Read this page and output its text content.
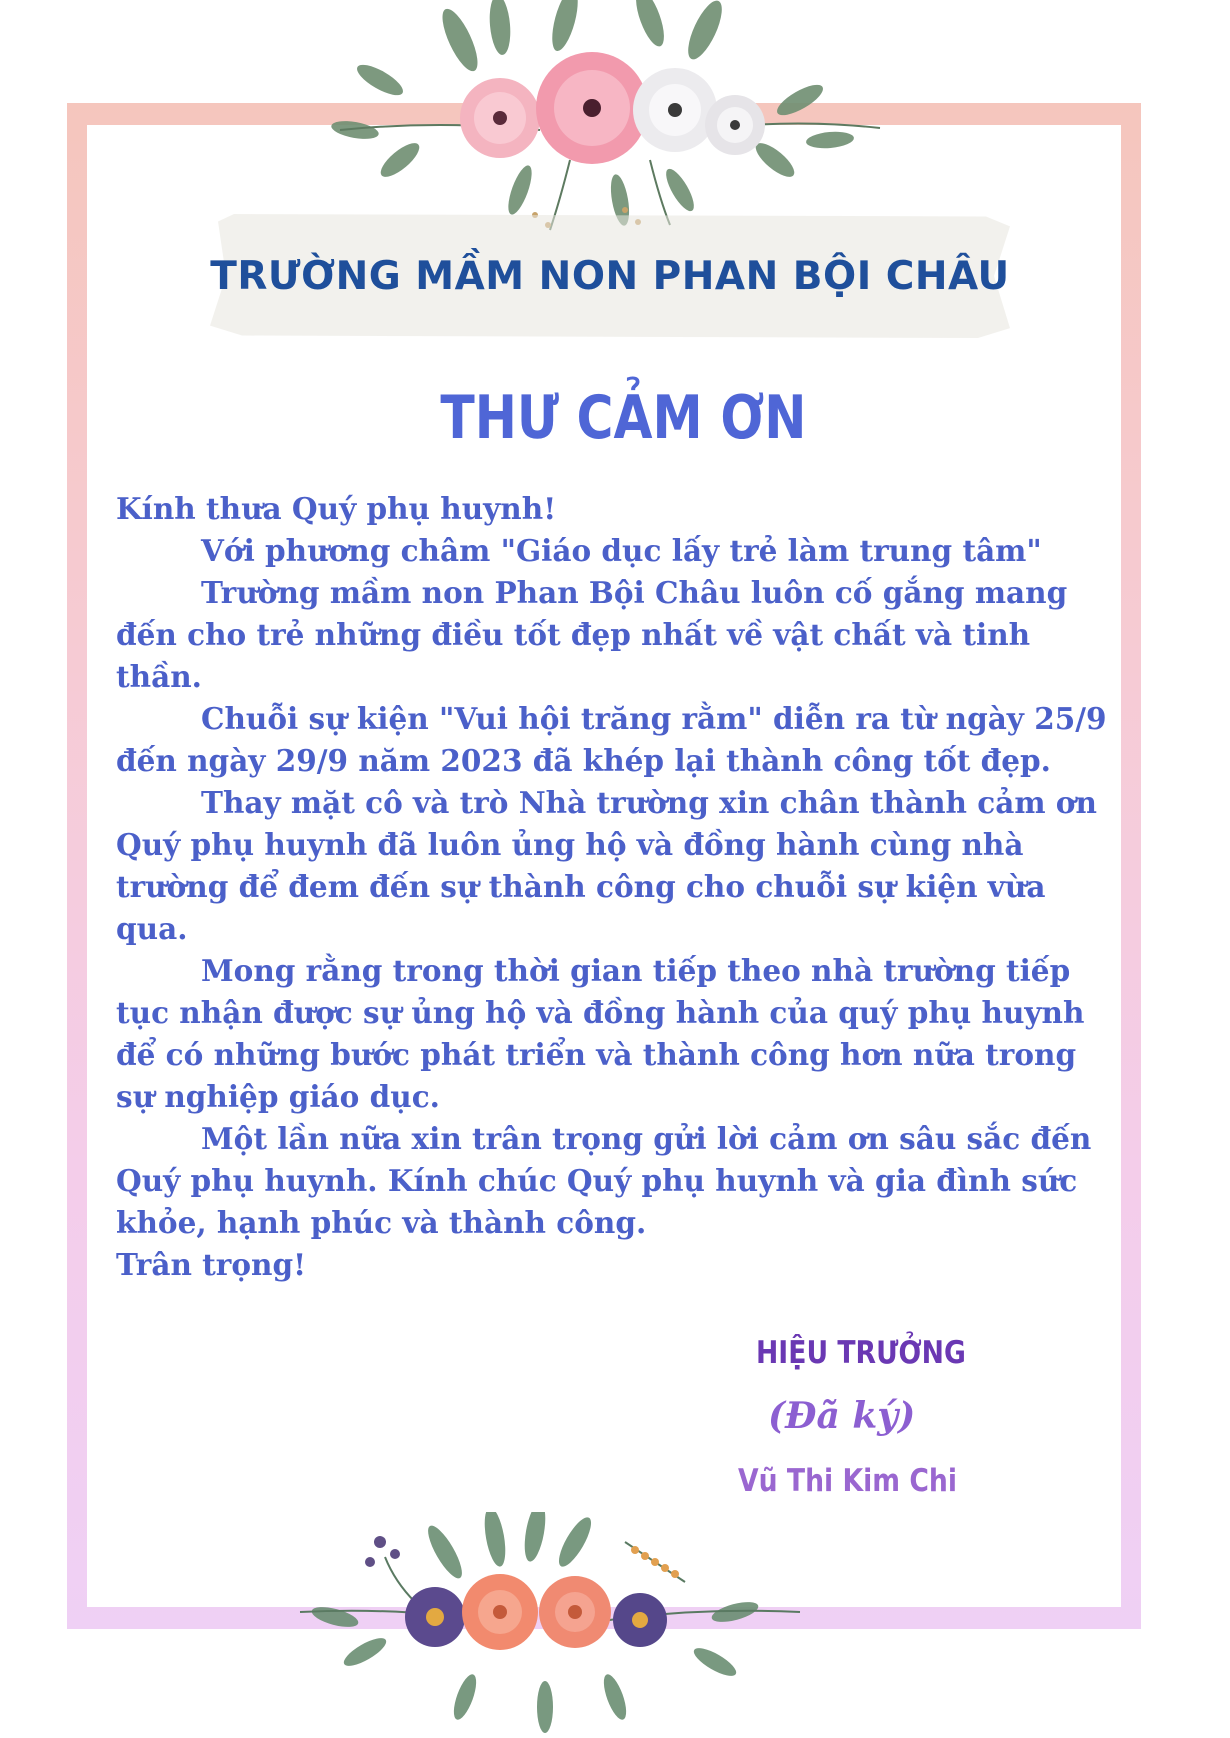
TRƯỜNG MẦM NON PHAN BỘI CHÂU
THƯ CẢM ƠN

Kính thưa Quý phụ huynh!

Với phương châm "Giáo dục lấy trẻ làm trung tâm"

Trường mầm non Phan Bội Châu luôn cố gắng mang đến cho trẻ những điều tốt đẹp nhất về vật chất và tinh thần.

Chuỗi sự kiện "Vui hội trăng rằm" diễn ra từ ngày 25/9 đến ngày 29/9 năm 2023 đã khép lại thành công tốt đẹp.

Thay mặt cô và trò Nhà trường xin chân thành cảm ơn Quý phụ huynh đã luôn ủng hộ và đồng hành cùng nhà trường để đem đến sự thành công cho chuỗi sự kiện vừa qua.

Mong rằng trong thời gian tiếp theo nhà trường tiếp tục nhận được sự ủng hộ và đồng hành của quý phụ huynh để có những bước phát triển và thành công hơn nữa trong sự nghiệp giáo dục.

Một lần nữa xin trân trọng gửi lời cảm ơn sâu sắc đến Quý phụ huynh. Kính chúc Quý phụ huynh và gia đình sức khỏe, hạnh phúc và thành công.

Trân trọng!

HIỆU TRƯỞNG
(Đã ký)
Vũ Thi Kim Chi
